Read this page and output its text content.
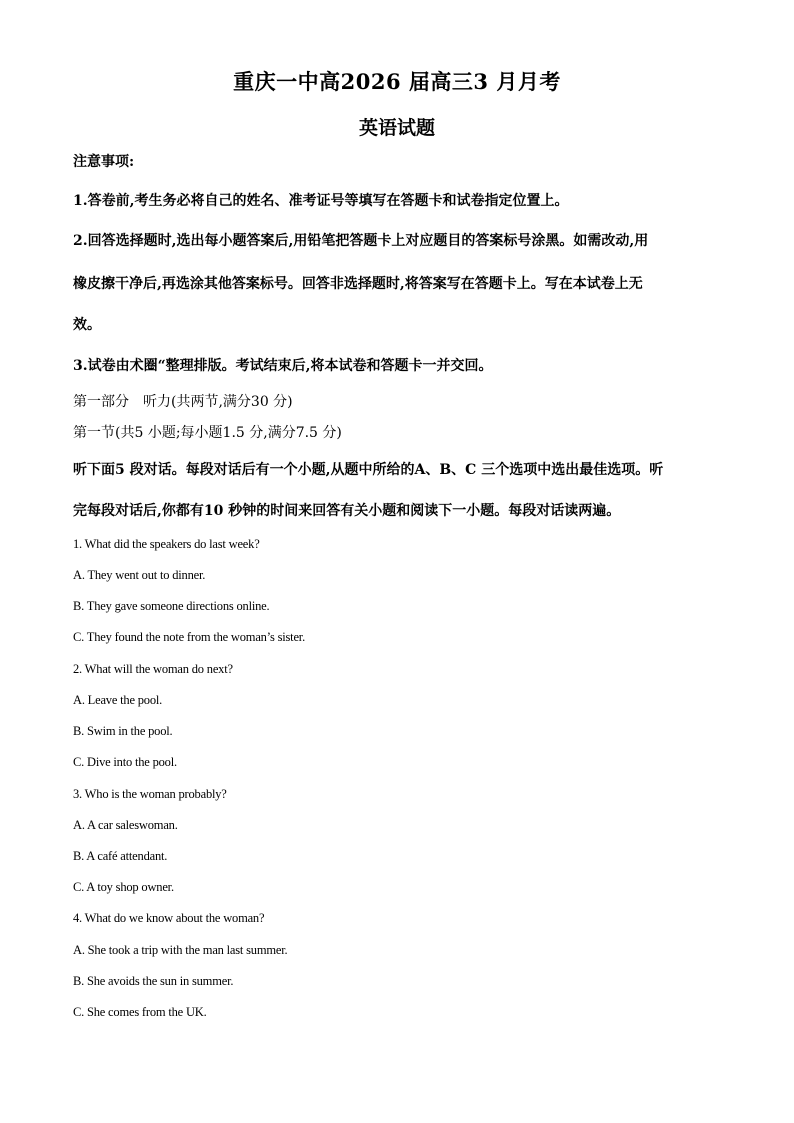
重庆一中高2026 届高三3 月月考
英语试题
注意事项:
1.答卷前,考生务必将自己的姓名、准考证号等填写在答题卡和试卷指定位置上。
2.回答选择题时,选出每小题答案后,用铅笔把答题卡上对应题目的答案标号涂黑。如需改动,用
橡皮擦干净后,再选涂其他答案标号。回答非选择题时,将答案写在答题卡上。写在本试卷上无
效。
3.试卷由术圈“整理排版。考试结束后,将本试卷和答题卡一并交回。
第一部分　听力(共两节,满分30 分)
第一节(共5 小题;每小题1.5 分,满分7.5 分)
听下面5 段对话。每段对话后有一个小题,从题中所给的A、B、C 三个选项中选出最佳选项。听
完每段对话后,你都有10 秒钟的时间来回答有关小题和阅读下一小题。每段对话读两遍。
1. What did the speakers do last week?
A. They went out to dinner.
B. They gave someone directions online.
C. They found the note from the woman’s sister.
2. What will the woman do next?
A. Leave the pool.
B. Swim in the pool.
C. Dive into the pool.
3. Who is the woman probably?
A. A car saleswoman.
B. A café attendant.
C. A toy shop owner.
4. What do we know about the woman?
A. She took a trip with the man last summer.
B. She avoids the sun in summer.
C. She comes from the UK.
